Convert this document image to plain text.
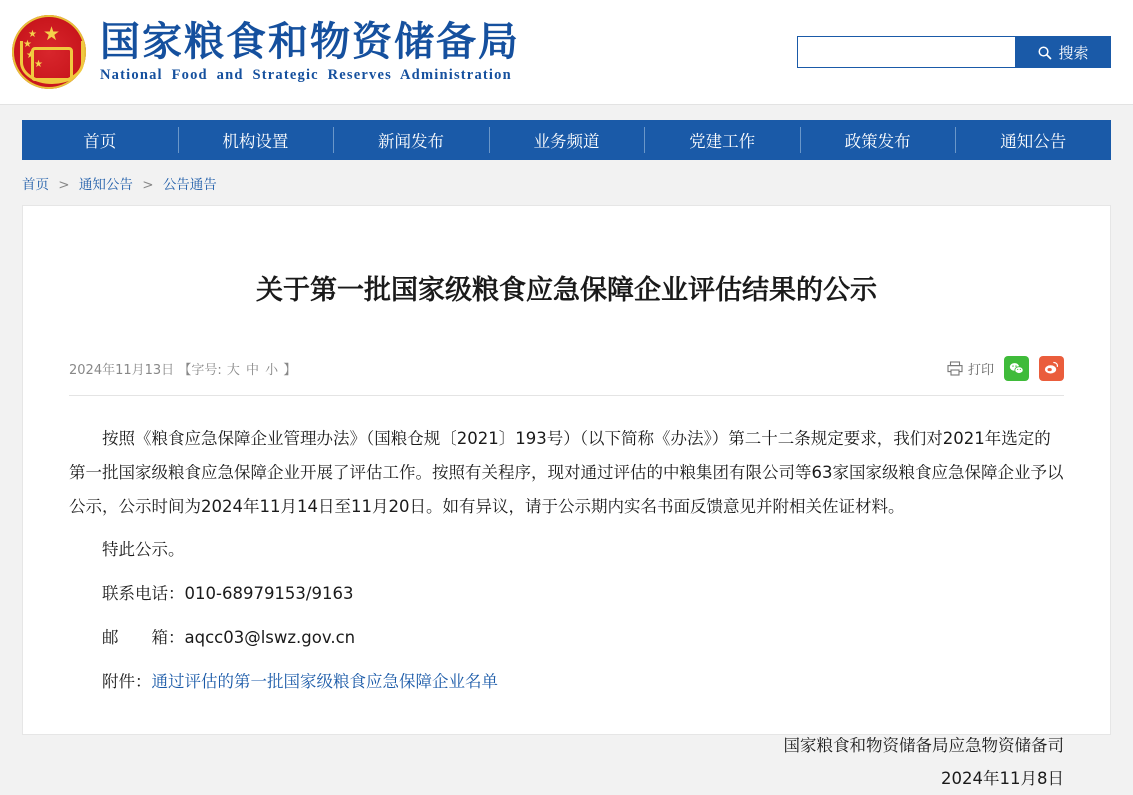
★
★
★
★
★ 国家粮食和物资储备局
National Food and Strategic Reserves Administration
搜索
首页	机构设置	新闻发布	业务频道	党建工作	政策发布	通知公告
首页 > 通知公告 > 公告通告
关于第一批国家级粮食应急保障企业评估结果的公示
2024年11月13日 【字号: 大 中 小 】	打印

按照《粮食应急保障企业管理办法》（国粮仓规〔2021〕193号）（以下简称《办法》）第二十二条规定要求，我们对2021年选定的第一批国家级粮食应急保障企业开展了评估工作。按照有关程序，现对通过评估的中粮集团有限公司等63家国家级粮食应急保障企业予以公示，公示时间为2024年11月14日至11月20日。如有异议，请于公示期内实名书面反馈意见并附相关佐证材料。

特此公示。

联系电话：010-68979153/9163

邮　　箱：aqcc03@lswz.gov.cn

附件：通过评估的第一批国家级粮食应急保障企业名单

国家粮食和物资储备局应急物资储备司
2024年11月8日
